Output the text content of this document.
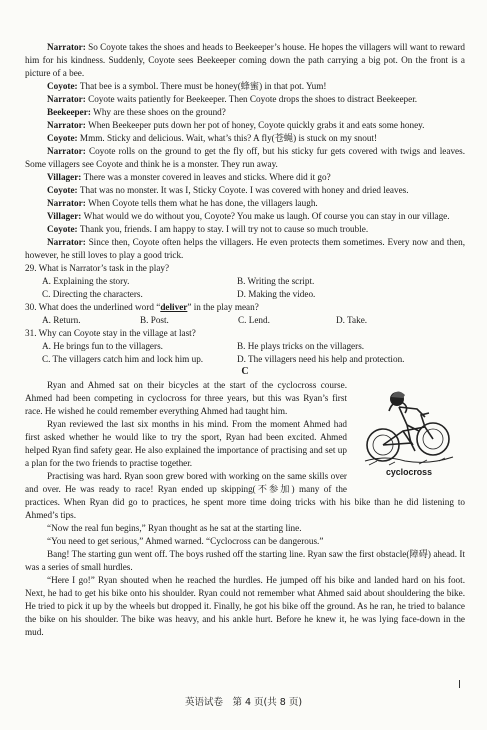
Narrator: So Coyote takes the shoes and heads to Beekeeper’s house. He hopes the villagers will want to reward him for his kindness. Suddenly, Coyote sees Beekeeper coming down the path carrying a big pot. On the front is a picture of a bee.

Coyote: That bee is a symbol. There must be honey(蜂蜜) in that pot. Yum!

Narrator: Coyote waits patiently for Beekeeper. Then Coyote drops the shoes to distract Beekeeper.

Beekeeper: Why are these shoes on the ground?

Narrator: When Beekeeper puts down her pot of honey, Coyote quickly grabs it and eats some honey.

Coyote: Mmm. Sticky and delicious. Wait, what’s this? A fly(苍蝇) is stuck on my snout!

Narrator: Coyote rolls on the ground to get the fly off, but his sticky fur gets covered with twigs and leaves. Some villagers see Coyote and think he is a monster. They run away.

Villager: There was a monster covered in leaves and sticks. Where did it go?

Coyote: That was no monster. It was I, Sticky Coyote. I was covered with honey and dried leaves.

Narrator: When Coyote tells them what he has done, the villagers laugh.

Villager: What would we do without you, Coyote? You make us laugh. Of course you can stay in our village.

Coyote: Thank you, friends. I am happy to stay. I will try not to cause so much trouble.

Narrator: Since then, Coyote often helps the villagers. He even protects them sometimes. Every now and then, however, he still loves to play a good trick.

29. What is Narrator’s task in the play?

A. Explaining the story.	B. Writing the script.
C. Directing the characters.	D. Making the video.

30. What does the underlined word “deliver” in the play mean?

A. Return.	B. Post.	C. Lend.	D. Take.

31. Why can Coyote stay in the village at last?

A. He brings fun to the villagers.	B. He plays tricks on the villagers.
C. The villagers catch him and lock him up.	D. The villagers need his help and protection.
C
cyclocross

Ryan and Ahmed sat on their bicycles at the start of the cyclocross course. Ahmed had been competing in cyclocross for three years, but this was Ryan’s first race. He wished he could remember everything Ahmed had taught him.

Ryan reviewed the last six months in his mind. From the moment Ahmed had first asked whether he would like to try the sport, Ryan had been excited. Ahmed helped Ryan find safety gear. He also explained the importance of practising and set up a plan for the two friends to practise together.

Practising was hard. Ryan soon grew bored with working on the same skills over and over. He was ready to race! Ryan ended up skipping(不参加) many of the practices. When Ryan did go to practices, he spent more time doing tricks with his bike than he did listening to Ahmed’s tips.

“Now the real fun begins,” Ryan thought as he sat at the starting line.

“You need to get serious,” Ahmed warned. “Cyclocross can be dangerous.”

Bang! The starting gun went off. The boys rushed off the starting line. Ryan saw the first obstacle(障碍) ahead. It was a series of small hurdles.

“Here I go!” Ryan shouted when he reached the hurdles. He jumped off his bike and landed hard on his foot. Next, he had to get his bike onto his shoulder. Ryan could not remember what Ahmed said about shouldering the bike. He tried to pick it up by the wheels but dropped it. Finally, he got his bike off the ground. As he ran, he tried to balance the bike on his shoulder. The bike was heavy, and his ankle hurt. Before he knew it, he was lying face-down in the mud.

英语试卷　第 4 页(共 8 页)
